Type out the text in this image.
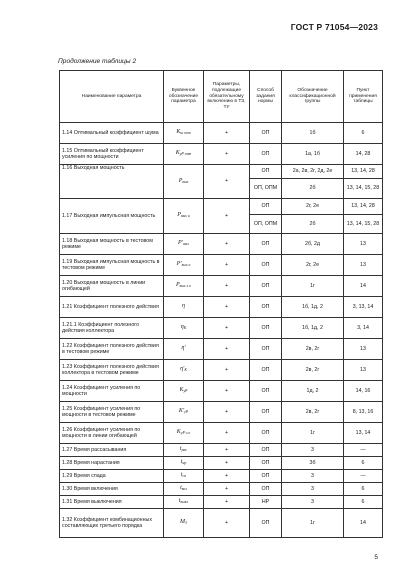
ГОСТ Р 71054—2023
Продолжение таблицы 2
Наименование параметра	Буквенное обозначение параметра	Параметры, подлежащие обязательному включению в ТЗ, ТУ	Способ задания нормы	Обозначение классификационной группы	Пункт применения таблицы
1.14 Оптимальный коэффициент шума	$K_{ш опт}$	+	ОП	1б	6
1.15 Оптимальный коэффициент усиления по мощности	$K_{уР опт}$	+	ОП	1а, 1б	14, 28
1.16 Выходная мощность	$P_{вых}$	+	ОП	2а, 2в, 2г, 2д, 2е	13, 14, 28
			ОП, ОПМ	2б	13, 14, 15, 28
1.17 Выходная импульсная мощность	$P_{вых и}$	+	ОП	2г, 2е	13, 14, 28
			ОП, ОПМ	2б	13, 14, 15, 28
1.18 Выходная мощность в тестовом режиме	$P'_{вых}$	+	ОП	2б, 2д	13
1.19 Выходная импульсная мощность в тестовом режиме	$P'_{вых и}$	+	ОП	2г, 2е	13
1.20 Выходная мощность в линии огибающей	$P_{вых л.о}$	+	ОП	1г	14
1.21 Коэффициент полезного действия	η	+	ОП	1б, 1д, 2	3, 13, 14
1.21.1 Коэффициент полезного действия коллектора	$\eta_К$	+	ОП	1б, 1д, 2	3, 14
1.22 Коэффициент полезного действия в тестовом режиме	η′	+	ОП	2в, 2г	13
1.23 Коэффициент полезного действия коллектора в тестовом режиме	$\eta'_К$	+	ОП	2в, 2г	13
1.24 Коэффициент усиления по мощности	$K_{уР}$	+	ОП	1д, 2	14, 16
1.25 Коэффициент усиления по мощности в тестовом режиме	$K'_{уР}$	+	ОП	2в, 2г	8, 13, 16
1.26 Коэффициент усиления по мощности в линии огибающей	$K_{уР л.о}$	+	ОП	1г	13, 14
1.27 Время рассасывания	$t_{рас}$	+	ОП	3	—
1.28 Время нарастания	$t_{нр}$	+	ОП	3б	6
1.29 Время спада	$t_{сп}$	+	ОП	3	—
1.30 Время включения	$t_{вкл}$	+	ОП	3	6
1.31 Время выключения	$t_{выкл}$	+	НР	3	6
1.32 Коэффициент комбинационных составляющих третьего порядка	$M_3$	+	ОП	1г	14
5
